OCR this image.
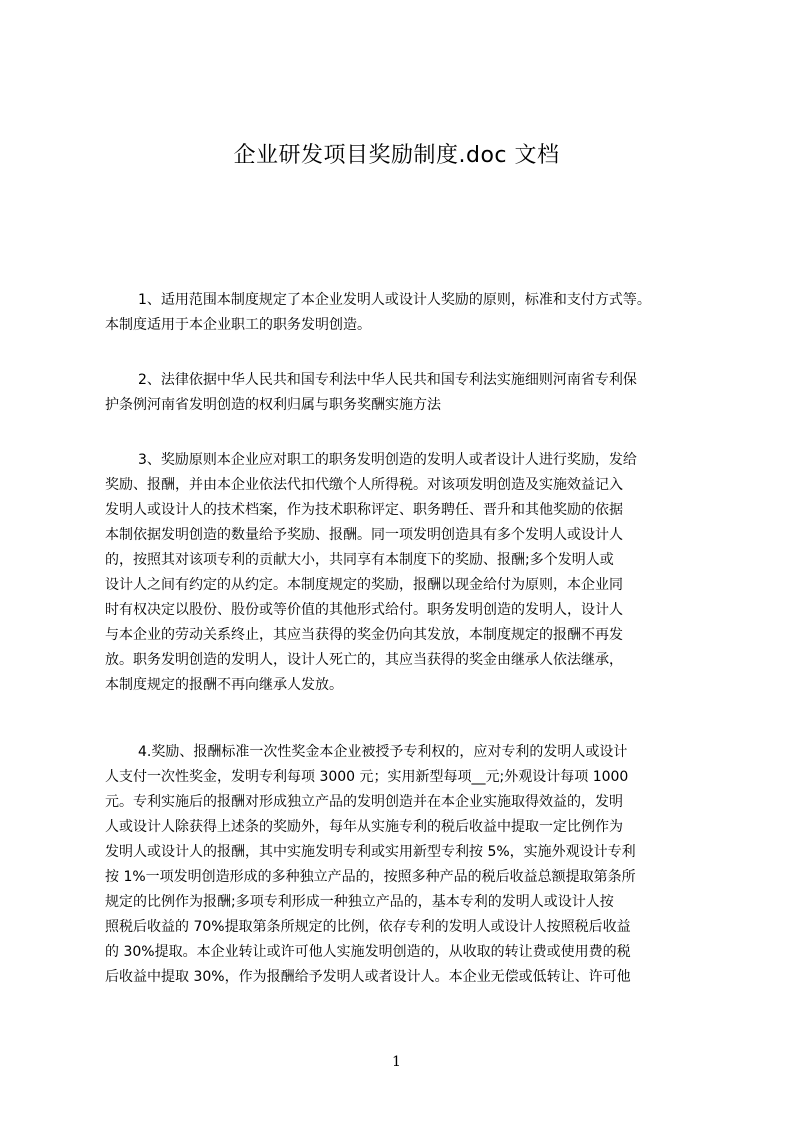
企业研发项目奖励制度.doc 文档
1、适用范围本制度规定了本企业发明人或设计人奖励的原则，标准和支付方式等。
本制度适用于本企业职工的职务发明创造。
2、法律依据中华人民共和国专利法中华人民共和国专利法实施细则河南省专利保
护条例河南省发明创造的权利归属与职务奖酬实施方法
3、奖励原则本企业应对职工的职务发明创造的发明人或者设计人进行奖励，发给
奖励、报酬，并由本企业依法代扣代缴个人所得税。对该项发明创造及实施效益记入
发明人或设计人的技术档案，作为技术职称评定、职务聘任、晋升和其他奖励的依据
本制依据发明创造的数量给予奖励、报酬。同一项发明创造具有多个发明人或设计人
的，按照其对该项专利的贡献大小，共同享有本制度下的奖励、报酬;多个发明人或
设计人之间有约定的从约定。本制度规定的奖励，报酬以现金给付为原则，本企业同
时有权决定以股份、股份或等价值的其他形式给付。职务发明创造的发明人，设计人
与本企业的劳动关系终止，其应当获得的奖金仍向其发放，本制度规定的报酬不再发
放。职务发明创造的发明人，设计人死亡的，其应当获得的奖金由继承人依法继承，
本制度规定的报酬不再向继承人发放。
4.奖励、报酬标准一次性奖金本企业被授予专利权的，应对专利的发明人或设计
人支付一次性奖金，发明专利每项 3000 元；实用新型每项__元;外观设计每项 1000
元。专利实施后的报酬对形成独立产品的发明创造并在本企业实施取得效益的，发明
人或设计人除获得上述条的奖励外，每年从实施专利的税后收益中提取一定比例作为
发明人或设计人的报酬，其中实施发明专利或实用新型专利按 5%，实施外观设计专利
按 1%一项发明创造形成的多种独立产品的，按照多种产品的税后收益总额提取第条所
规定的比例作为报酬;多项专利形成一种独立产品的，基本专利的发明人或设计人按
照税后收益的 70%提取第条所规定的比例，依存专利的发明人或设计人按照税后收益
的 30%提取。本企业转让或许可他人实施发明创造的，从收取的转让费或使用费的税
后收益中提取 30%，作为报酬给予发明人或者设计人。本企业无偿或低转让、许可他
1
